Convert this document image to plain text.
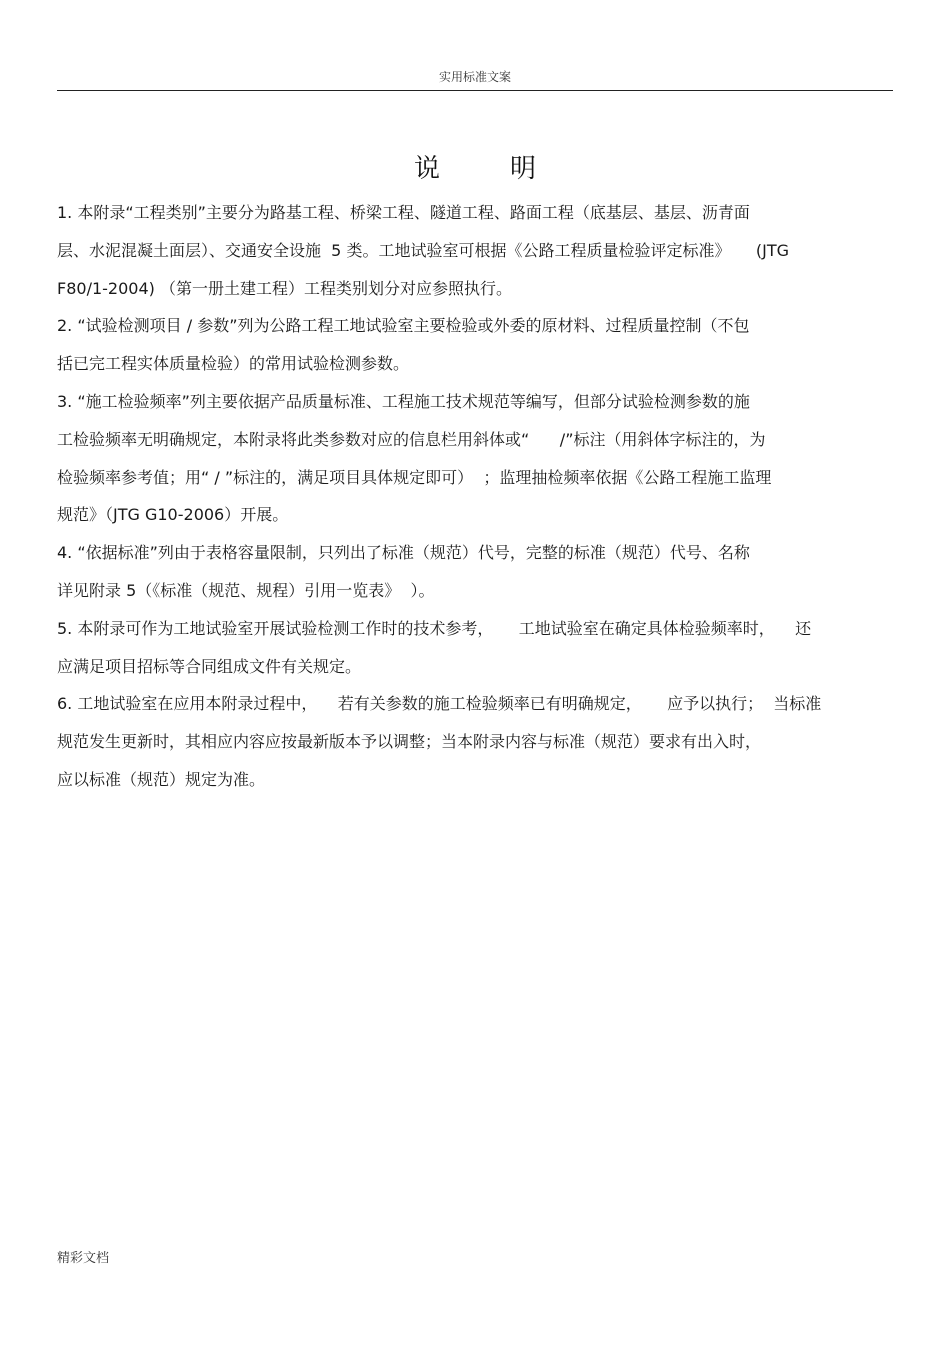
实用标准文案
说明
1. 本附录“工程类别”主要分为路基工程、桥梁工程、隧道工程、路面工程（底基层、基层、沥青面
层、水泥混凝土面层）、交通安全设施  5 类。工地试验室可根据《公路工程质量检验评定标准》     (JTG
F80/1-2004) （第一册土建工程）工程类别划分对应参照执行。
2. “试验检测项目 / 参数”列为公路工程工地试验室主要检验或外委的原材料、过程质量控制（不包
括已完工程实体质量检验）的常用试验检测参数。
3. “施工检验频率”列主要依据产品质量标准、工程施工技术规范等编写，但部分试验检测参数的施
工检验频率无明确规定，本附录将此类参数对应的信息栏用斜体或“      /”标注（用斜体字标注的，为
检验频率参考值；用“ / ”标注的，满足项目具体规定即可）  ；监理抽检频率依据《公路工程施工监理
规范》（JTG G10-2006）开展。
4. “依据标准”列由于表格容量限制，只列出了标准（规范）代号，完整的标准（规范）代号、名称
详见附录 5（《标准（规范、规程）引用一览表》  ）。
5. 本附录可作为工地试验室开展试验检测工作时的技术参考，     工地试验室在确定具体检验频率时，    还
应满足项目招标等合同组成文件有关规定。
6. 工地试验室在应用本附录过程中，    若有关参数的施工检验频率已有明确规定，     应予以执行；  当标准
规范发生更新时，其相应内容应按最新版本予以调整；当本附录内容与标准（规范）要求有出入时，
应以标准（规范）规定为准。
精彩文档
